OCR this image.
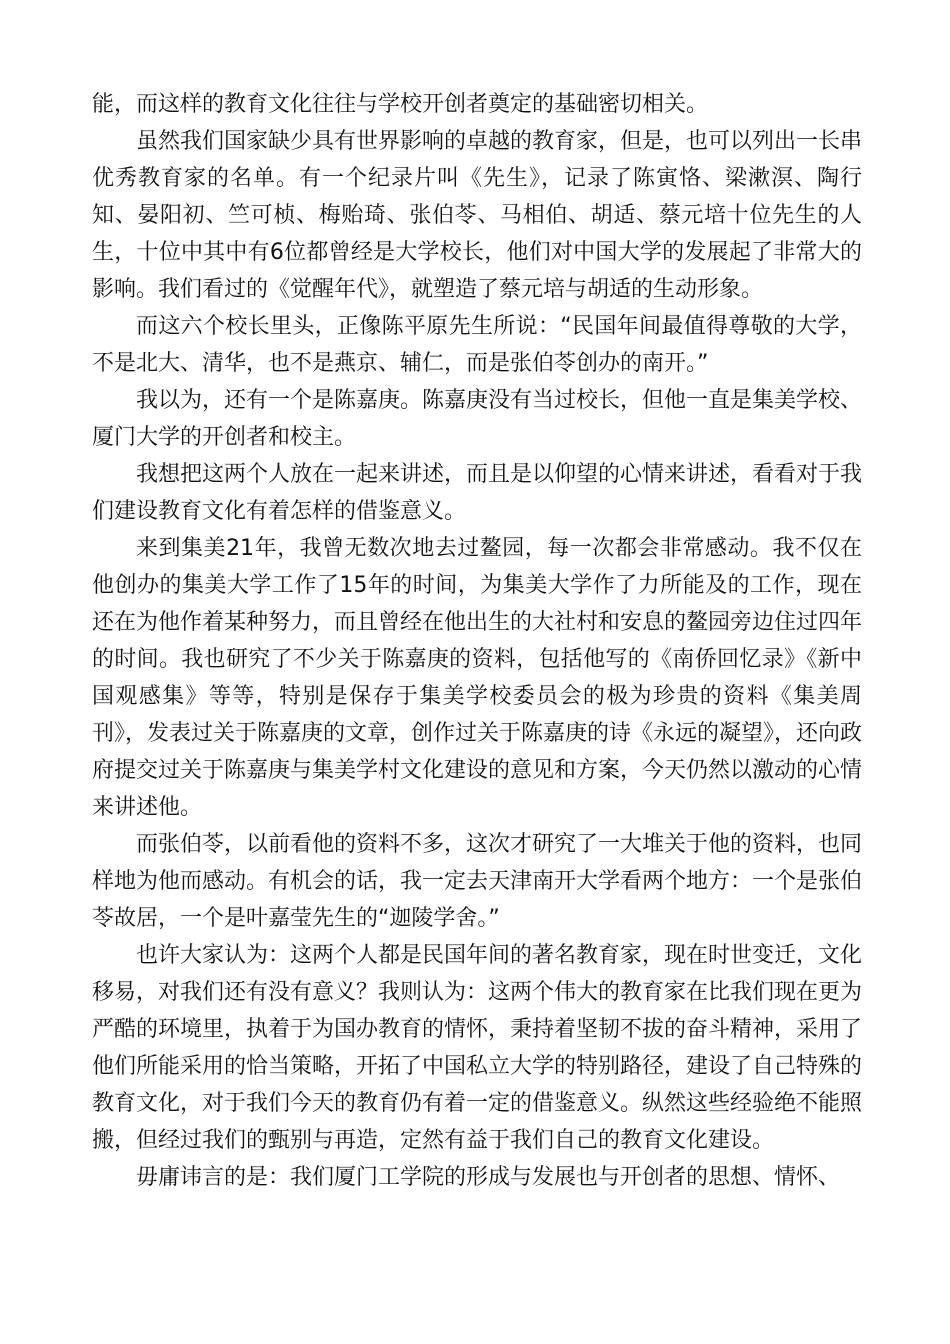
能，而这样的教育文化往往与学校开创者奠定的基础密切相关。

虽然我们国家缺少具有世界影响的卓越的教育家，但是，也可以列出一长串优秀教育家的名单。有一个纪录片叫《先生》，记录了陈寅恪、梁漱溟、陶行知、晏阳初、竺可桢、梅贻琦、张伯苓、马相伯、胡适、蔡元培十位先生的人生，十位中其中有6位都曾经是大学校长，他们对中国大学的发展起了非常大的影响。我们看过的《觉醒年代》，就塑造了蔡元培与胡适的生动形象。

而这六个校长里头，正像陈平原先生所说：“民国年间最值得尊敬的大学，不是北大、清华，也不是燕京、辅仁，而是张伯苓创办的南开。”

我以为，还有一个是陈嘉庚。陈嘉庚没有当过校长，但他一直是集美学校、厦门大学的开创者和校主。

我想把这两个人放在一起来讲述，而且是以仰望的心情来讲述，看看对于我们建设教育文化有着怎样的借鉴意义。

来到集美21年，我曾无数次地去过鳌园，每一次都会非常感动。我不仅在他创办的集美大学工作了15年的时间，为集美大学作了力所能及的工作，现在还在为他作着某种努力，而且曾经在他出生的大社村和安息的鳌园旁边住过四年的时间。我也研究了不少关于陈嘉庚的资料，包括他写的《南侨回忆录》《新中国观感集》等等，特别是保存于集美学校委员会的极为珍贵的资料《集美周刊》，发表过关于陈嘉庚的文章，创作过关于陈嘉庚的诗《永远的凝望》，还向政府提交过关于陈嘉庚与集美学村文化建设的意见和方案，今天仍然以激动的心情来讲述他。

而张伯苓，以前看他的资料不多，这次才研究了一大堆关于他的资料，也同样地为他而感动。有机会的话，我一定去天津南开大学看两个地方：一个是张伯苓故居，一个是叶嘉莹先生的“迦陵学舍。”

也许大家认为：这两个人都是民国年间的著名教育家，现在时世变迁，文化移易，对我们还有没有意义？我则认为：这两个伟大的教育家在比我们现在更为严酷的环境里，执着于为国办教育的情怀，秉持着坚韧不拔的奋斗精神，采用了他们所能采用的恰当策略，开拓了中国私立大学的特别路径，建设了自己特殊的教育文化，对于我们今天的教育仍有着一定的借鉴意义。纵然这些经验绝不能照搬，但经过我们的甄别与再造，定然有益于我们自己的教育文化建设。

毋庸讳言的是：我们厦门工学院的形成与发展也与开创者的思想、情怀、
